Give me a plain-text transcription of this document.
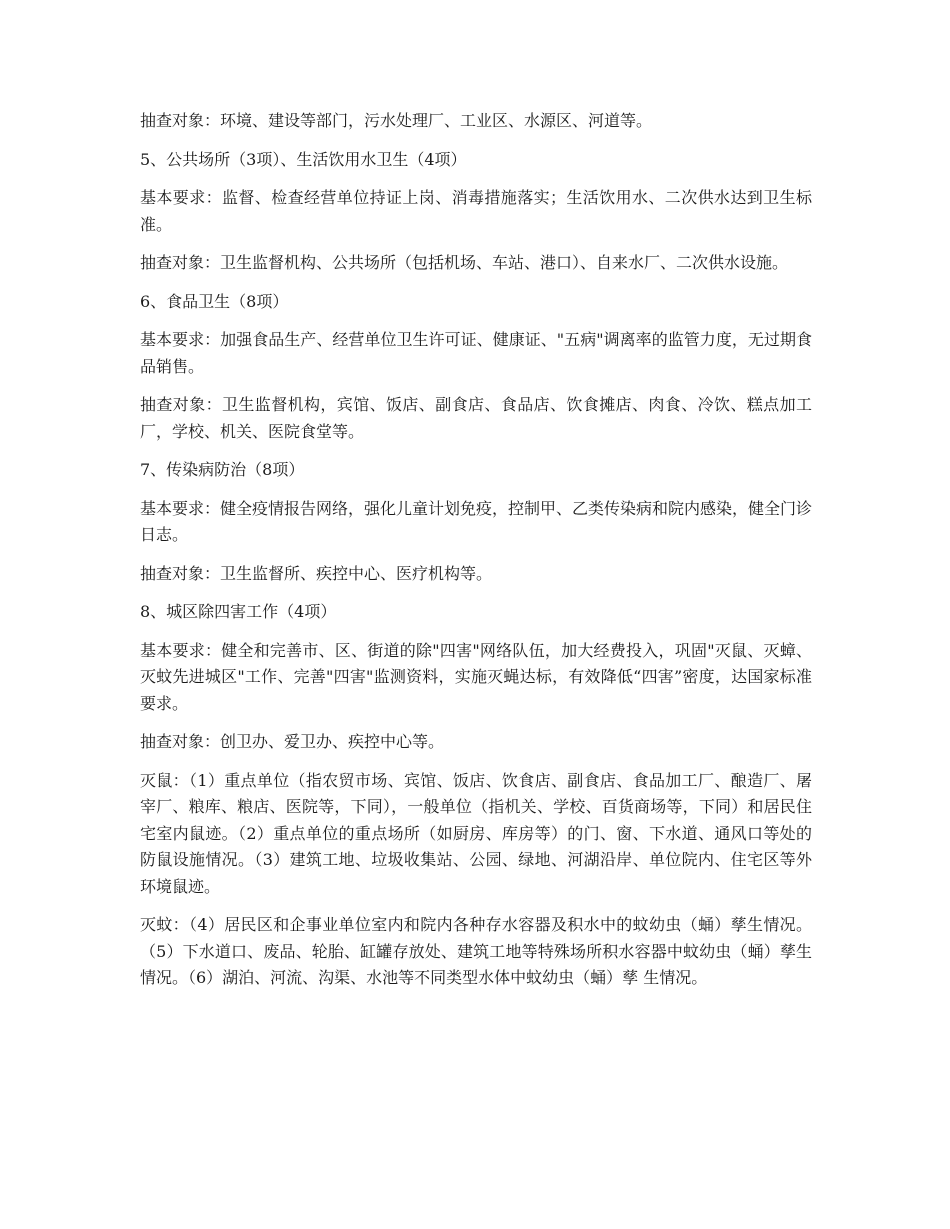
抽查对象：环境、建设等部门，污水处理厂、工业区、水源区、河道等。

5、公共场所（3项）、生活饮用水卫生（4项）

基本要求：监督、检查经营单位持证上岗、消毒措施落实；生活饮用水、二次供水达到卫生标准。

抽查对象：卫生监督机构、公共场所（包括机场、车站、港口）、自来水厂、二次供水设施。

6、食品卫生（8项）

基本要求：加强食品生产、经营单位卫生许可证、健康证、"五病"调离率的监管力度，无过期食品销售。

抽查对象：卫生监督机构，宾馆、饭店、副食店、食品店、饮食摊店、肉食、冷饮、糕点加工厂，学校、机关、医院食堂等。

7、传染病防治（8项）

基本要求：健全疫情报告网络，强化儿童计划免疫，控制甲、乙类传染病和院内感染，健全门诊日志。

抽查对象：卫生监督所、疾控中心、医疗机构等。

8、城区除四害工作（4项）

基本要求：健全和完善市、区、街道的除"四害"网络队伍，加大经费投入，巩固"灭鼠、灭蟑、灭蚊先进城区"工作、完善"四害"监测资料，实施灭蝇达标，有效降低“四害”密度，达国家标准要求。

抽查对象：创卫办、爱卫办、疾控中心等。

灭鼠：（1）重点单位（指农贸市场、宾馆、饭店、饮食店、副食店、食品加工厂、酿造厂、屠宰厂、粮库、粮店、医院等，下同），一般单位（指机关、学校、百货商场等，下同）和居民住宅室内鼠迹。（2）重点单位的重点场所（如厨房、库房等）的门、窗、下水道、通风口等处的防鼠设施情况。（3）建筑工地、垃圾收集站、公园、绿地、河湖沿岸、单位院内、住宅区等外环境鼠迹。

灭蚊：（4）居民区和企事业单位室内和院内各种存水容器及积水中的蚊幼虫（蛹）孳生情况。（5）下水道口、废品、轮胎、缸罐存放处、建筑工地等特殊场所积水容器中蚊幼虫（蛹）孳生情况。（6）湖泊、河流、沟渠、水池等不同类型水体中蚊幼虫（蛹）孳 生情况。
